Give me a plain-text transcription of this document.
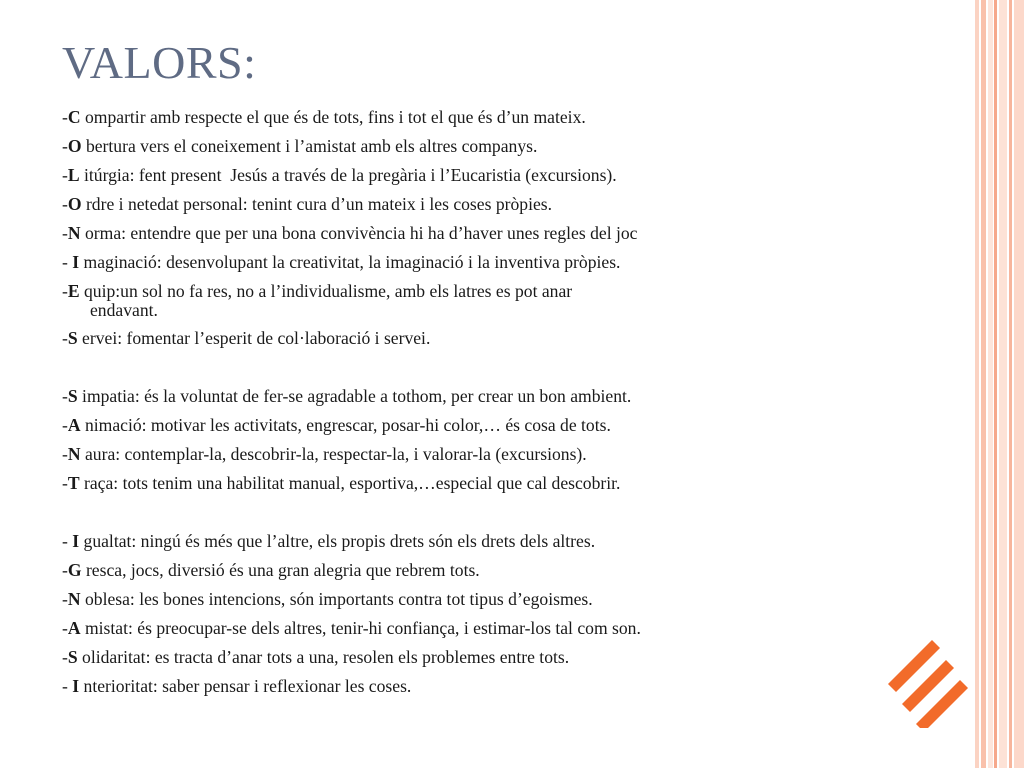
VALORS:
-C ompartir amb respecte el que és de tots, fins i tot el que és d’un mateix.
-O bertura vers el coneixement i l’amistat amb els altres companys.
-L itúrgia: fent present  Jesús a través de la pregària i l’Eucaristia (excursions).
-O rdre i netedat personal: tenint cura d’un mateix i les coses pròpies.
-N orma: entendre que per una bona convivència hi ha d’haver unes regles del joc
- I maginació: desenvolupant la creativitat, la imaginació i la inventiva pròpies.
-E quip:un sol no fa res, no a l’individualisme, amb els latres es pot anar
endavant.
-S ervei: fomentar l’esperit de col·laboració i servei.
-S impatia: és la voluntat de fer-se agradable a tothom, per crear un bon ambient.
-A nimació: motivar les activitats, engrescar, posar-hi color,… és cosa de tots.
-N aura: contemplar-la, descobrir-la, respectar-la, i valorar-la (excursions).
-T raça: tots tenim una habilitat manual, esportiva,…especial que cal descobrir.
- I gualtat: ningú és més que l’altre, els propis drets són els drets dels altres.
-G resca, jocs, diversió és una gran alegria que rebrem tots.
-N oblesa: les bones intencions, són importants contra tot tipus d’egoismes.
-A mistat: és preocupar-se dels altres, tenir-hi confiança, i estimar-los tal com son.
-S olidaritat: es tracta d’anar tots a una, resolen els problemes entre tots.
- I nterioritat: saber pensar i reflexionar les coses.
